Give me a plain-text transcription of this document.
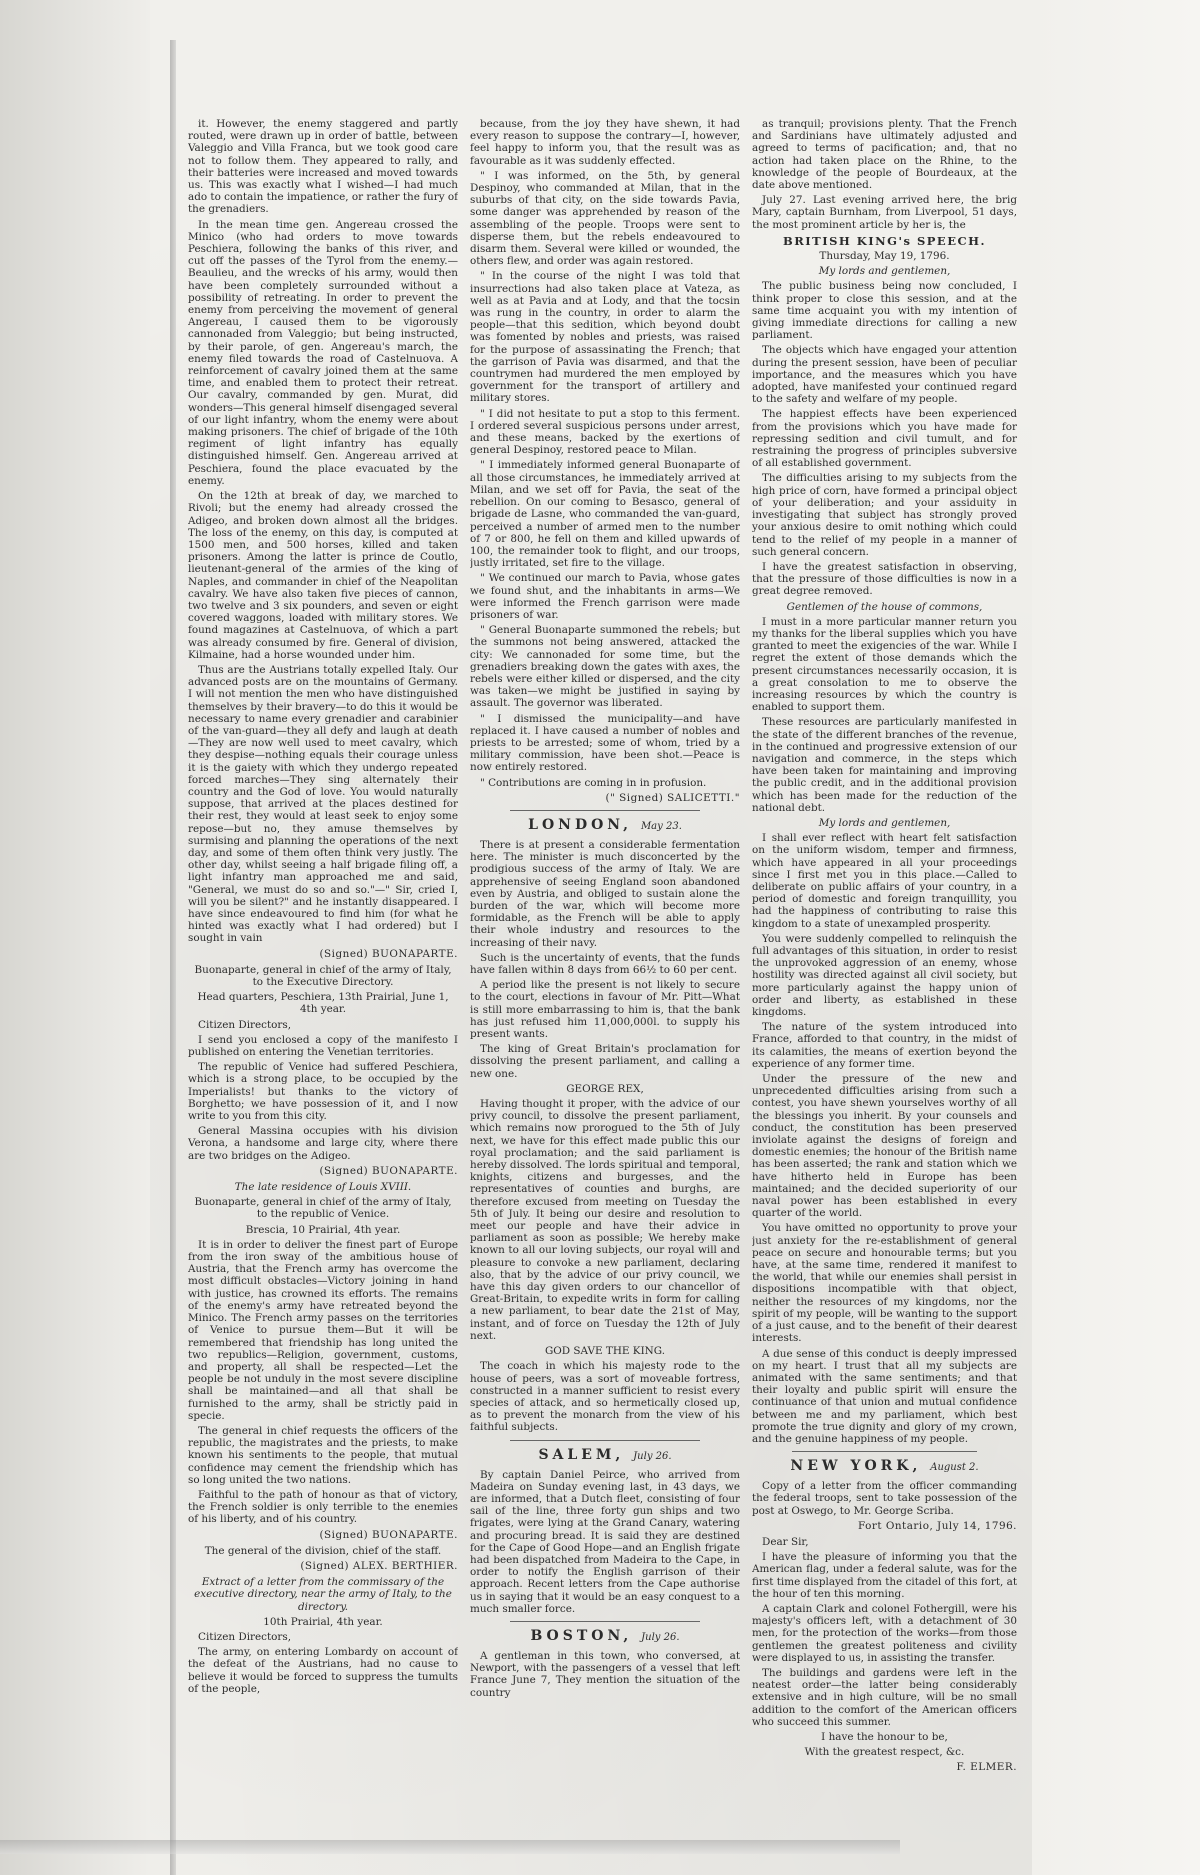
it. However, the enemy staggered and partly routed, were drawn up in order of battle, between Valeggio and Villa Franca, but we took good care not to follow them. They appeared to rally, and their batteries were increased and moved towards us. This was exactly what I wished—I had much ado to contain the impatience, or rather the fury of the grenadiers.

In the mean time gen. Angereau crossed the Minico (who had orders to move towards Peschiera, following the banks of this river, and cut off the passes of the Tyrol from the enemy.—Beaulieu, and the wrecks of his army, would then have been completely surrounded without a possibility of retreating. In order to prevent the enemy from perceiving the movement of general Angereau, I caused them to be vigorously cannonaded from Valeggio; but being instructed, by their parole, of gen. Angereau's march, the enemy filed towards the road of Castelnuova. A reinforcement of cavalry joined them at the same time, and enabled them to protect their retreat. Our cavalry, commanded by gen. Murat, did wonders—This general himself disengaged several of our light infantry, whom the enemy were about making prisoners. The chief of brigade of the 10th regiment of light infantry has equally distinguished himself. Gen. Angereau arrived at Peschiera, found the place evacuated by the enemy.

On the 12th at break of day, we marched to Rivoli; but the enemy had already crossed the Adigeo, and broken down almost all the bridges. The loss of the enemy, on this day, is computed at 1500 men, and 500 horses, killed and taken prisoners. Among the latter is prince de Coutlo, lieutenant-general of the armies of the king of Naples, and commander in chief of the Neapolitan cavalry. We have also taken five pieces of cannon, two twelve and 3 six pounders, and seven or eight covered waggons, loaded with military stores. We found magazines at Castelnuova, of which a part was already consumed by fire. General of division, Kilmaine, had a horse wounded under him.

Thus are the Austrians totally expelled Italy. Our advanced posts are on the mountains of Germany. I will not mention the men who have distinguished themselves by their bravery—to do this it would be necessary to name every grenadier and carabinier of the van-guard—they all defy and laugh at death—They are now well used to meet cavalry, which they despise—nothing equals their courage unless it is the gaiety with which they undergo repeated forced marches—They sing alternately their country and the God of love. You would naturally suppose, that arrived at the places destined for their rest, they would at least seek to enjoy some repose—but no, they amuse themselves by surmising and planning the operations of the next day, and some of them often think very justly. The other day, whilst seeing a half brigade filing off, a light infantry man approached me and said, "General, we must do so and so."—" Sir, cried I, will you be silent?" and he instantly disappeared. I have since endeavoured to find him (for what he hinted was exactly what I had ordered) but I sought in vain

(Signed) BUONAPARTE.

Buonaparte, general in chief of the army of Italy, to the Executive Directory.

Head quarters, Peschiera, 13th Prairial, June 1, 4th year.

Citizen Directors,

I send you enclosed a copy of the manifesto I published on entering the Venetian territories.

The republic of Venice had suffered Peschiera, which is a strong place, to be occupied by the Imperialists! but thanks to the victory of Borghetto; we have possession of it, and I now write to you from this city.

General Massina occupies with his division Verona, a handsome and large city, where there are two bridges on the Adigeo.

(Signed) BUONAPARTE.

The late residence of Louis XVIII.

Buonaparte, general in chief of the army of Italy, to the republic of Venice.

Brescia, 10 Prairial, 4th year.

It is in order to deliver the finest part of Europe from the iron sway of the ambitious house of Austria, that the French army has overcome the most difficult obstacles—Victory joining in hand with justice, has crowned its efforts. The remains of the enemy's army have retreated beyond the Minico. The French army passes on the territories of Venice to pursue them—But it will be remembered that friendship has long united the two republics—Religion, government, customs, and property, all shall be respected—Let the people be not unduly in the most severe discipline shall be maintained—and all that shall be furnished to the army, shall be strictly paid in specie.

The general in chief requests the officers of the republic, the magistrates and the priests, to make known his sentiments to the people, that mutual confidence may cement the friendship which has so long united the two nations.

Faithful to the path of honour as that of victory, the French soldier is only terrible to the enemies of his liberty, and of his country.

(Signed) BUONAPARTE.

The general of the division, chief of the staff.

(Signed) ALEX. BERTHIER.

Extract of a letter from the commissary of the executive directory, near the army of Italy, to the directory.

10th Prairial, 4th year.

Citizen Directors,

The army, on entering Lombardy on account of the defeat of the Austrians, had no cause to believe it would be forced to suppress the tumults of the people,

because, from the joy they have shewn, it had every reason to suppose the contrary—I, however, feel happy to inform you, that the result was as favourable as it was suddenly effected.

" I was informed, on the 5th, by general Despinoy, who commanded at Milan, that in the suburbs of that city, on the side towards Pavia, some danger was apprehended by reason of the assembling of the people. Troops were sent to disperse them, but the rebels endeavoured to disarm them. Several were killed or wounded, the others flew, and order was again restored.

" In the course of the night I was told that insurrections had also taken place at Vateza, as well as at Pavia and at Lody, and that the tocsin was rung in the country, in order to alarm the people—that this sedition, which beyond doubt was fomented by nobles and priests, was raised for the purpose of assassinating the French; that the garrison of Pavia was disarmed, and that the countrymen had murdered the men employed by government for the transport of artillery and military stores.

" I did not hesitate to put a stop to this ferment. I ordered several suspicious persons under arrest, and these means, backed by the exertions of general Despinoy, restored peace to Milan.

" I immediately informed general Buonaparte of all those circumstances, he immediately arrived at Milan, and we set off for Pavia, the seat of the rebellion. On our coming to Besasco, general of brigade de Lasne, who commanded the van-guard, perceived a number of armed men to the number of 7 or 800, he fell on them and killed upwards of 100, the remainder took to flight, and our troops, justly irritated, set fire to the village.

" We continued our march to Pavia, whose gates we found shut, and the inhabitants in arms—We were informed the French garrison were made prisoners of war.

" General Buonaparte summoned the rebels; but the summons not being answered, attacked the city: We cannonaded for some time, but the grenadiers breaking down the gates with axes, the rebels were either killed or dispersed, and the city was taken—we might be justified in saying by assault. The governor was liberated.

" I dismissed the municipality—and have replaced it. I have caused a number of nobles and priests to be arrested; some of whom, tried by a military commission, have been shot.—Peace is now entirely restored.

" Contributions are coming in in profusion.

(" Signed) SALICETTI."

LONDON, May 23.

There is at present a considerable fermentation here. The minister is much disconcerted by the prodigious success of the army of Italy. We are apprehensive of seeing England soon abandoned even by Austria, and obliged to sustain alone the burden of the war, which will become more formidable, as the French will be able to apply their whole industry and resources to the increasing of their navy.

Such is the uncertainty of events, that the funds have fallen within 8 days from 66½ to 60 per cent.

A period like the present is not likely to secure to the court, elections in favour of Mr. Pitt—What is still more embarrassing to him is, that the bank has just refused him 11,000,000l. to supply his present wants.

The king of Great Britain's proclamation for dissolving the present parliament, and calling a new one.

GEORGE REX,

Having thought it proper, with the advice of our privy council, to dissolve the present parliament, which remains now prorogued to the 5th of July next, we have for this effect made public this our royal proclamation; and the said parliament is hereby dissolved. The lords spiritual and temporal, knights, citizens and burgesses, and the representatives of counties and burghs, are therefore excused from meeting on Tuesday the 5th of July. It being our desire and resolution to meet our people and have their advice in parliament as soon as possible; We hereby make known to all our loving subjects, our royal will and pleasure to convoke a new parliament, declaring also, that by the advice of our privy council, we have this day given orders to our chancellor of Great-Britain, to expedite writs in form for calling a new parliament, to bear date the 21st of May, instant, and of force on Tuesday the 12th of July next.

GOD SAVE THE KING.

The coach in which his majesty rode to the house of peers, was a sort of moveable fortress, constructed in a manner sufficient to resist every species of attack, and so hermetically closed up, as to prevent the monarch from the view of his faithful subjects.

SALEM, July 26.

By captain Daniel Peirce, who arrived from Madeira on Sunday evening last, in 43 days, we are informed, that a Dutch fleet, consisting of four sail of the line, three forty gun ships and two frigates, were lying at the Grand Canary, watering and procuring bread. It is said they are destined for the Cape of Good Hope—and an English frigate had been dispatched from Madeira to the Cape, in order to notify the English garrison of their approach. Recent letters from the Cape authorise us in saying that it would be an easy conquest to a much smaller force.

BOSTON, July 26.

A gentleman in this town, who conversed, at Newport, with the passengers of a vessel that left France June 7, They mention the situation of the country

as tranquil; provisions plenty. That the French and Sardinians have ultimately adjusted and agreed to terms of pacification; and, that no action had taken place on the Rhine, to the knowledge of the people of Bourdeaux, at the date above mentioned.

July 27. Last evening arrived here, the brig Mary, captain Burnham, from Liverpool, 51 days, the most prominent article by her is, the

BRITISH KING's SPEECH.

Thursday, May 19, 1796.

My lords and gentlemen,

The public business being now concluded, I think proper to close this session, and at the same time acquaint you with my intention of giving immediate directions for calling a new parliament.

The objects which have engaged your attention during the present session, have been of peculiar importance, and the measures which you have adopted, have manifested your continued regard to the safety and welfare of my people.

The happiest effects have been experienced from the provisions which you have made for repressing sedition and civil tumult, and for restraining the progress of principles subversive of all established government.

The difficulties arising to my subjects from the high price of corn, have formed a principal object of your deliberation; and your assiduity in investigating that subject has strongly proved your anxious desire to omit nothing which could tend to the relief of my people in a manner of such general concern.

I have the greatest satisfaction in observing, that the pressure of those difficulties is now in a great degree removed.

Gentlemen of the house of commons,

I must in a more particular manner return you my thanks for the liberal supplies which you have granted to meet the exigencies of the war. While I regret the extent of those demands which the present circumstances necessarily occasion, it is a great consolation to me to observe the increasing resources by which the country is enabled to support them.

These resources are particularly manifested in the state of the different branches of the revenue, in the continued and progressive extension of our navigation and commerce, in the steps which have been taken for maintaining and improving the public credit, and in the additional provision which has been made for the reduction of the national debt.

My lords and gentlemen,

I shall ever reflect with heart felt satisfaction on the uniform wisdom, temper and firmness, which have appeared in all your proceedings since I first met you in this place.—Called to deliberate on public affairs of your country, in a period of domestic and foreign tranquillity, you had the happiness of contributing to raise this kingdom to a state of unexampled prosperity.

You were suddenly compelled to relinquish the full advantages of this situation, in order to resist the unprovoked aggression of an enemy, whose hostility was directed against all civil society, but more particularly against the happy union of order and liberty, as established in these kingdoms.

The nature of the system introduced into France, afforded to that country, in the midst of its calamities, the means of exertion beyond the experience of any former time.

Under the pressure of the new and unprecedented difficulties arising from such a contest, you have shewn yourselves worthy of all the blessings you inherit. By your counsels and conduct, the constitution has been preserved inviolate against the designs of foreign and domestic enemies; the honour of the British name has been asserted; the rank and station which we have hitherto held in Europe has been maintained; and the decided superiority of our naval power has been established in every quarter of the world.

You have omitted no opportunity to prove your just anxiety for the re-establishment of general peace on secure and honourable terms; but you have, at the same time, rendered it manifest to the world, that while our enemies shall persist in dispositions incompatible with that object, neither the resources of my kingdoms, nor the spirit of my people, will be wanting to the support of a just cause, and to the benefit of their dearest interests.

A due sense of this conduct is deeply impressed on my heart. I trust that all my subjects are animated with the same sentiments; and that their loyalty and public spirit will ensure the continuance of that union and mutual confidence between me and my parliament, which best promote the true dignity and glory of my crown, and the genuine happiness of my people.

NEW YORK, August 2.

Copy of a letter from the officer commanding the federal troops, sent to take possession of the post at Oswego, to Mr. George Scriba.

Fort Ontario, July 14, 1796.

Dear Sir,

I have the pleasure of informing you that the American flag, under a federal salute, was for the first time displayed from the citadel of this fort, at the hour of ten this morning.

A captain Clark and colonel Fothergill, were his majesty's officers left, with a detachment of 30 men, for the protection of the works—from those gentlemen the greatest politeness and civility were displayed to us, in assisting the transfer.

The buildings and gardens were left in the neatest order—the latter being considerably extensive and in high culture, will be no small addition to the comfort of the American officers who succeed this summer.

I have the honour to be,

With the greatest respect, &c.

F. ELMER.
